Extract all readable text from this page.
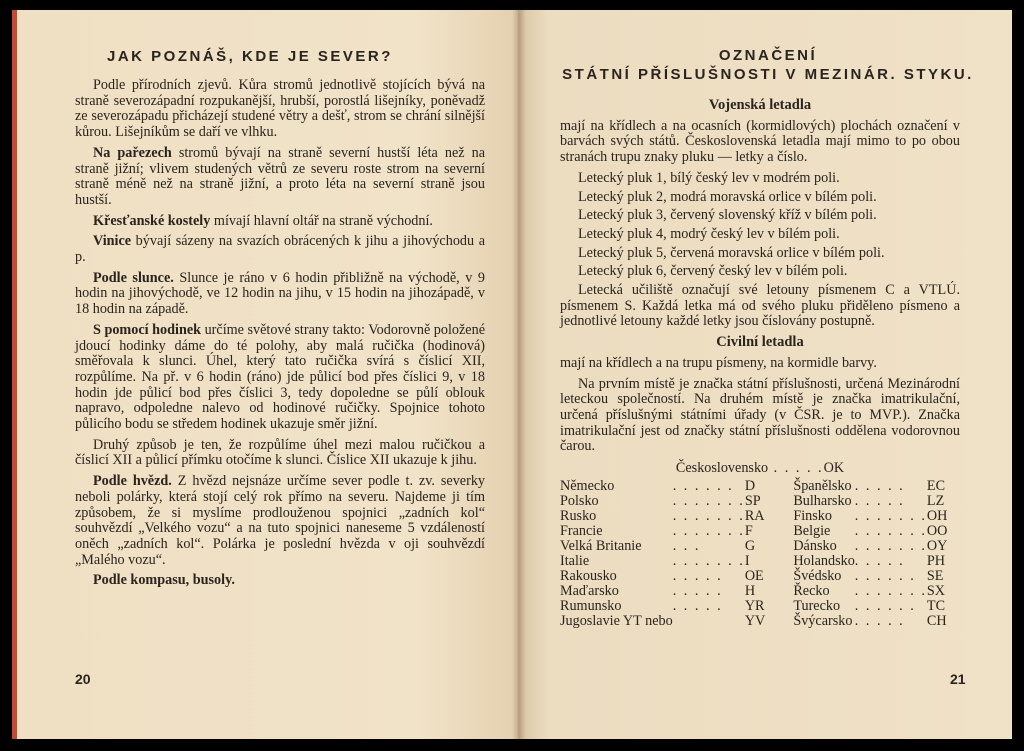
JAK POZNÁŠ, KDE JE SEVER?

Podle přírodních zjevů. Kůra stromů jednotlivě stojících bývá na straně severozápadní rozpukanější, hrubší, porostlá lišejníky, poněvadž ze severozápadu přicházejí studené větry a dešť, strom se chrání silnější kůrou. Lišejníkům se daří ve vlhku.

Na pařezech stromů bývají na straně severní hustší léta než na straně jižní; vlivem studených větrů ze severu roste strom na severní straně méně než na straně jižní, a proto léta na severní straně jsou hustší.

Křesťanské kostely mívají hlavní oltář na straně východní.

Vinice bývají sázeny na svazích obrácených k jihu a jihovýchodu a p.

Podle slunce. Slunce je ráno v 6 hodin přibližně na východě, v 9 hodin na jihovýchodě, ve 12 hodin na jihu, v 15 hodin na jihozápadě, v 18 hodin na západě.

S pomocí hodinek určíme světové strany takto: Vodorovně položené jdoucí hodinky dáme do té polohy, aby malá ručička (hodinová) směřovala k slunci. Úhel, který tato ručička svírá s číslicí XII, rozpůlíme. Na př. v 6 hodin (ráno) jde půlicí bod přes číslici 9, v 18 hodin jde půlicí bod přes číslici 3, tedy dopoledne se půlí oblouk napravo, odpoledne nalevo od hodinové ručičky. Spojnice tohoto půlicího bodu se středem hodinek ukazuje směr jižní.

Druhý způsob je ten, že rozpůlíme úhel mezi malou ručičkou a číslicí XII a půlicí přímku otočíme k slunci. Číslice XII ukazuje k jihu.

Podle hvězd. Z hvězd nejsnáze určíme sever podle t. zv. severky neboli polárky, která stojí celý rok přímo na severu. Najdeme ji tím způsobem, že si myslíme prodlouženou spojnici „zadních kol“ souhvězdí „Velkého vozu“ a na tuto spojnici naneseme 5 vzdáleností oněch „zadních kol“. Polárka je poslední hvězda v oji souhvězdí „Malého vozu“.

Podle kompasu, busoly.

20
OZNAČENÍ
STÁTNÍ PŘÍSLUŠNOSTI V MEZINÁR. STYKU.
Vojenská letadla

mají na křídlech a na ocasních (kormidlových) plochách označení v barvách svých států. Československá letadla mají mimo to po obou stranách trupu znaky pluku — letky a číslo.

Letecký pluk 1, bílý český lev v modrém poli.

Letecký pluk 2, modrá moravská orlice v bílém poli.

Letecký pluk 3, červený slovenský kříž v bílém poli.

Letecký pluk 4, modrý český lev v bílém poli.

Letecký pluk 5, červená moravská orlice v bílém poli.

Letecký pluk 6, červený český lev v bílém poli.

Letecká učiliště označují své letouny písmenem C a VTLÚ. písmenem S. Každá letka má od svého pluku přiděleno písmeno a jednotlivé letouny každé letky jsou číslovány postupně.

Civilní letadla

mají na křídlech a na trupu písmeny, na kormidle barvy.

Na prvním místě je značka státní příslušnosti, určená Mezinárodní leteckou společností. Na druhém místě je značka imatrikulační, určená příslušnými státními úřady (v ČSR. je to MVP.). Značka imatrikulační jest od značky státní příslušnosti oddělena vodorovnou čarou.

Československo . . . . .OK
Německo	. . . . . .	D	Španělsko	. . . . .	EC
Polsko	. . . . . . .	SP	Bulharsko	. . . . .	LZ
Rusko	. . . . . . .	RA	Finsko	. . . . . . .	OH
Francie	. . . . . . .	F	Belgie	. . . . . . .	OO
Velká Britanie	. . .	G	Dánsko	. . . . . . .	OY
Italie	. . . . . . .	I	Holandsko	. . . . .	PH
Rakousko	. . . . .	OE	Švédsko	. . . . . .	SE
Maďarsko	. . . . .	H	Řecko	. . . . . . .	SX
Rumunsko	. . . . .	YR	Turecko	. . . . . .	TC
Jugoslavie YT nebo		YV	Švýcarsko	. . . . .	CH
21
